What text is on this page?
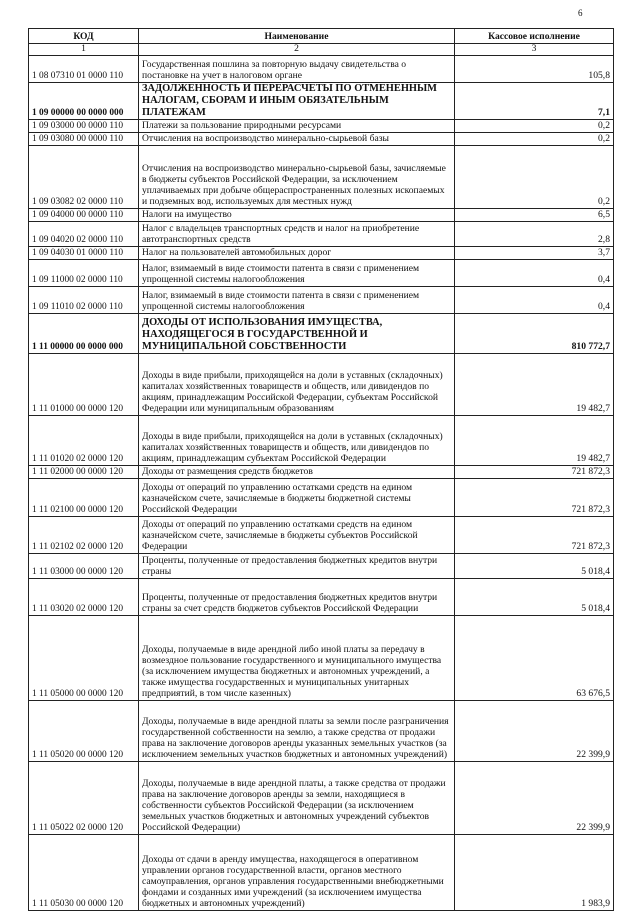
6
КОД	Наименование	Кассовое исполнение
1	2	3
1 08 07310 01 0000 110	Государственная пошлина за повторную выдачу свидетельства о постановке на учет в налоговом органе	105,8
1 09 00000 00 0000 000	ЗАДОЛЖЕННОСТЬ И ПЕРЕРАСЧЕТЫ ПО ОТМЕНЕННЫМ НАЛОГАМ, СБОРАМ И ИНЫМ ОБЯЗАТЕЛЬНЫМ ПЛАТЕЖАМ	7,1
1 09 03000 00 0000 110	Платежи за пользование природными ресурсами	0,2
1 09 03080 00 0000 110	Отчисления на воспроизводство минерально-сырьевой базы	0,2
1 09 03082 02 0000 110	Отчисления на воспроизводство минерально-сырьевой базы, зачисляемые в бюджеты субъектов Российской Федерации, за исключением уплачиваемых при добыче общераспространенных полезных ископаемых и подземных вод, используемых для местных нужд	0,2
1 09 04000 00 0000 110	Налоги на имущество	6,5
1 09 04020 02 0000 110	Налог с владельцев транспортных средств и налог на приобретение автотранспортных средств	2,8
1 09 04030 01 0000 110	Налог на пользователей автомобильных дорог	3,7
1 09 11000 02 0000 110	Налог, взимаемый в виде стоимости патента в связи с применением упрощенной системы налогообложения	0,4
1 09 11010 02 0000 110	Налог, взимаемый в виде стоимости патента в связи с применением упрощенной системы налогообложения	0,4
1 11 00000 00 0000 000	ДОХОДЫ ОТ ИСПОЛЬЗОВАНИЯ ИМУЩЕСТВА, НАХОДЯЩЕГОСЯ В ГОСУДАРСТВЕННОЙ И МУНИЦИПАЛЬНОЙ СОБСТВЕННОСТИ	810 772,7
1 11 01000 00 0000 120	Доходы в виде прибыли, приходящейся на доли в уставных (складочных) капиталах хозяйственных товариществ и обществ, или дивидендов по акциям, принадлежащим Российской Федерации, субъектам Российской Федерации или муниципальным образованиям	19 482,7
1 11 01020 02 0000 120	Доходы в виде прибыли, приходящейся на доли в уставных (складочных) капиталах хозяйственных товариществ и обществ, или дивидендов по акциям, принадлежащим субъектам Российской Федерации	19 482,7
1 11 02000 00 0000 120	Доходы от размещения средств бюджетов	721 872,3
1 11 02100 00 0000 120	Доходы от операций по управлению остатками средств на едином казначейском счете, зачисляемые в бюджеты бюджетной системы Российской Федерации	721 872,3
1 11 02102 02 0000 120	Доходы от операций по управлению остатками средств на едином казначейском счете, зачисляемые в бюджеты субъектов Российской Федерации	721 872,3
1 11 03000 00 0000 120	Проценты, полученные от предоставления бюджетных кредитов внутри страны	5 018,4
1 11 03020 02 0000 120	Проценты, полученные от предоставления бюджетных кредитов внутри страны за счет средств бюджетов субъектов Российской Федерации	5 018,4
1 11 05000 00 0000 120	Доходы, получаемые в виде арендной либо иной платы за передачу в возмездное пользование государственного и муниципального имущества (за исключением имущества бюджетных и автономных учреждений, а также имущества государственных и муниципальных унитарных предприятий, в том числе казенных)	63 676,5
1 11 05020 00 0000 120	Доходы, получаемые в виде арендной платы за земли после разграничения государственной собственности на землю, а также средства от продажи права на заключение договоров аренды указанных земельных участков (за исключением земельных участков бюджетных и автономных учреждений)	22 399,9
1 11 05022 02 0000 120	Доходы, получаемые в виде арендной платы, а также средства от продажи права на заключение договоров аренды за земли, находящиеся в собственности субъектов Российской Федерации (за исключением земельных участков бюджетных и автономных учреждений субъектов Российской Федерации)	22 399,9
1 11 05030 00 0000 120	Доходы от сдачи в аренду имущества, находящегося в оперативном управлении органов государственной власти, органов местного самоуправления, органов управления государственными внебюджетными фондами и созданных ими учреждений (за исключением имущества бюджетных и автономных учреждений)	1 983,9
